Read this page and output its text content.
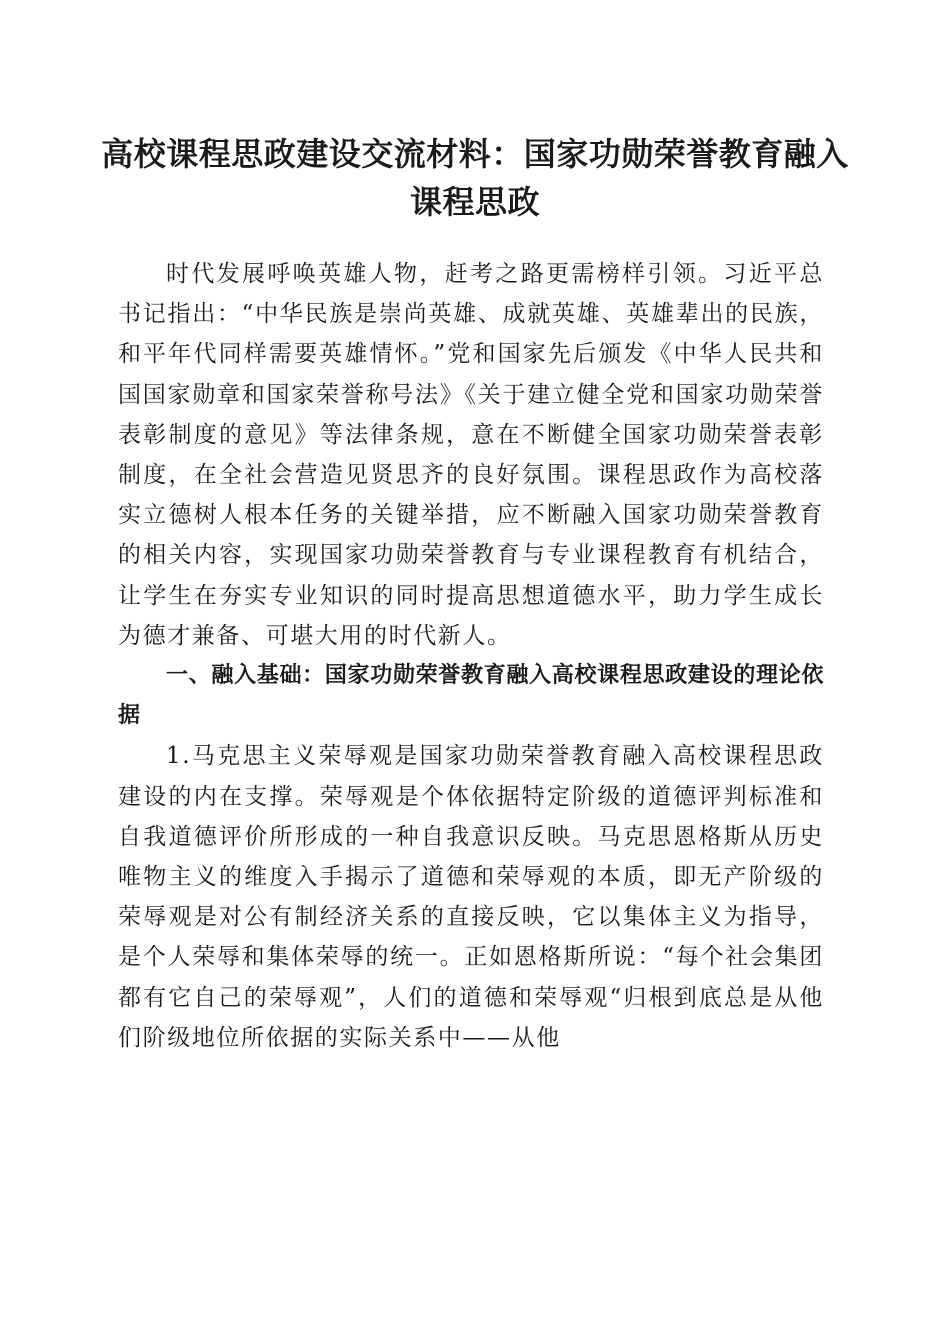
高校课程思政建设交流材料：国家功勋荣誉教育融入课程思政

时代发展呼唤英雄人物，赶考之路更需榜样引领。习近平总书记指出：“中华民族是崇尚英雄、成就英雄、英雄辈出的民族，和平年代同样需要英雄情怀。”党和国家先后颁发《中华人民共和国国家勋章和国家荣誉称号法》《关于建立健全党和国家功勋荣誉表彰制度的意见》等法律条规，意在不断健全国家功勋荣誉表彰制度，在全社会营造见贤思齐的良好氛围。课程思政作为高校落实立德树人根本任务的关键举措，应不断融入国家功勋荣誉教育的相关内容，实现国家功勋荣誉教育与专业课程教育有机结合，让学生在夯实专业知识的同时提高思想道德水平，助力学生成长为德才兼备、可堪大用的时代新人。

一、融入基础：国家功勋荣誉教育融入高校课程思政建设的理论依据

1.马克思主义荣辱观是国家功勋荣誉教育融入高校课程思政建设的内在支撑。荣辱观是个体依据特定阶级的道德评判标准和自我道德评价所形成的一种自我意识反映。马克思恩格斯从历史唯物主义的维度入手揭示了道德和荣辱观的本质，即无产阶级的荣辱观是对公有制经济关系的直接反映，它以集体主义为指导，是个人荣辱和集体荣辱的统一。正如恩格斯所说：“每个社会集团都有它自己的荣辱观”，人们的道德和荣辱观“归根到底总是从他们阶级地位所依据的实际关系中——从他
